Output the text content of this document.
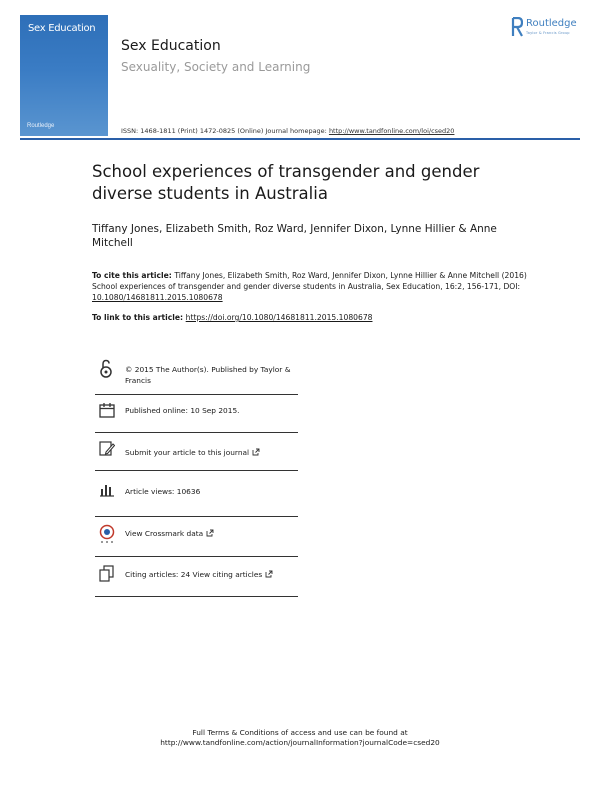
Sex Education
Routledge
Sex Education
Sexuality, Society and Learning
Routledge
Taylor & Francis Group
ISSN: 1468-1811 (Print) 1472-0825 (Online) Journal homepage: http://www.tandfonline.com/loi/csed20
School experiences of transgender and gender diverse students in Australia
Tiffany Jones, Elizabeth Smith, Roz Ward, Jennifer Dixon, Lynne Hillier & Anne Mitchell
To cite this article: Tiffany Jones, Elizabeth Smith, Roz Ward, Jennifer Dixon, Lynne Hillier & Anne Mitchell (2016) School experiences of transgender and gender diverse students in Australia, Sex Education, 16:2, 156-171, DOI: 10.1080/14681811.2015.1080678
To link to this article: https://doi.org/10.1080/14681811.2015.1080678
© 2015 The Author(s). Published by Taylor & Francis
Published online: 10 Sep 2015.
Submit your article to this journal
Article views: 10636
View Crossmark data
Citing articles: 24 View citing articles
Full Terms & Conditions of access and use can be found at
http://www.tandfonline.com/action/journalInformation?journalCode=csed20
